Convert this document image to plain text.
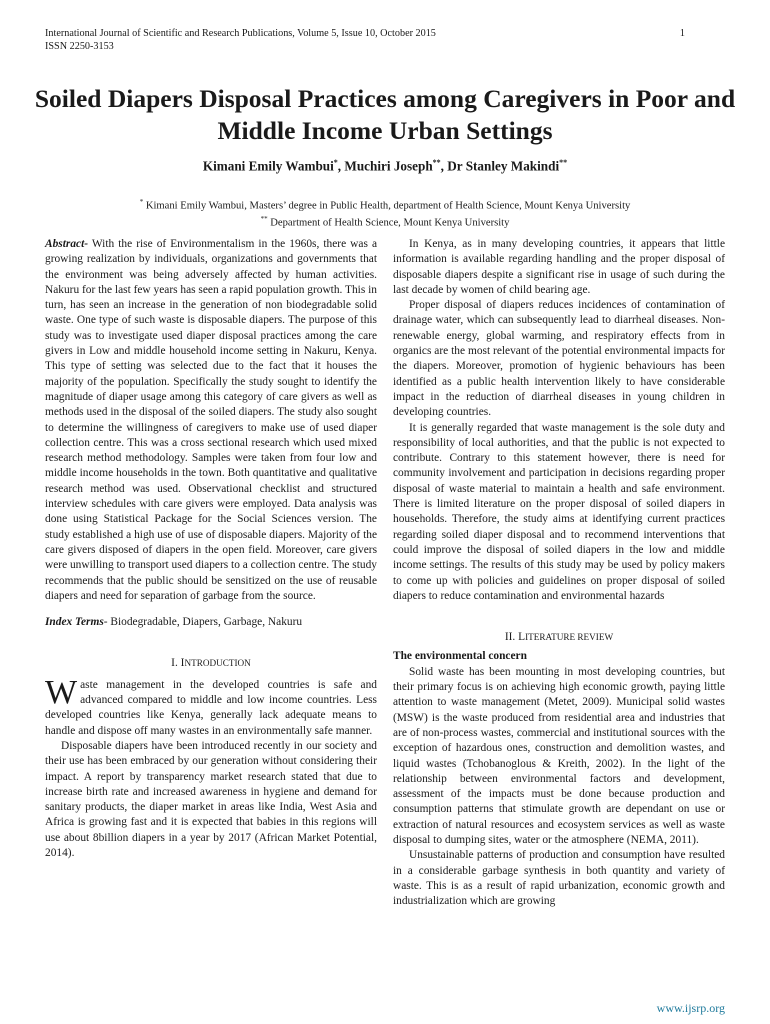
International Journal of Scientific and Research Publications, Volume 5, Issue 10, October 2015
ISSN 2250-3153
1
Soiled Diapers Disposal Practices among Caregivers in Poor and Middle Income Urban Settings
Kimani Emily Wambui*, Muchiri Joseph**, Dr Stanley Makindi**
* Kimani Emily Wambui, Masters’ degree in Public Health, department of Health Science, Mount Kenya University
** Department of Health Science, Mount Kenya University

Abstract- With the rise of Environmentalism in the 1960s, there was a growing realization by individuals, organizations and governments that the environment was being adversely affected by human activities. Nakuru for the last few years has seen a rapid population growth. This in turn, has seen an increase in the generation of non biodegradable solid waste. One type of such waste is disposable diapers. The purpose of this study was to investigate used diaper disposal practices among the care givers in Low and middle household income setting in Nakuru, Kenya. This type of setting was selected due to the fact that it houses the majority of the population. Specifically the study sought to identify the magnitude of diaper usage among this category of care givers as well as methods used in the disposal of the soiled diapers. The study also sought to determine the willingness of caregivers to make use of used diaper collection centre. This was a cross sectional research which used mixed research method methodology. Samples were taken from four low and middle income households in the town. Both quantitative and qualitative research method was used. Observational checklist and structured interview schedules with care givers were employed. Data analysis was done using Statistical Package for the Social Sciences version. The study established a high use of use of disposable diapers. Majority of the care givers disposed of diapers in the open field. Moreover, care givers were unwilling to transport used diapers to a collection centre. The study recommends that the public should be sensitized on the use of reusable diapers and need for separation of garbage from the source.

Index Terms- Biodegradable, Diapers, Garbage, Nakuru

I. INTRODUCTION

Waste management in the developed countries is safe and advanced compared to middle and low income countries. Less developed countries like Kenya, generally lack adequate means to handle and dispose off many wastes in an environmentally safe manner.

Disposable diapers have been introduced recently in our society and their use has been embraced by our generation without considering their impact. A report by transparency market research stated that due to increase birth rate and increased awareness in hygiene and demand for sanitary products, the diaper market in areas like India, West Asia and Africa is growing fast and it is expected that babies in this regions will use about 8billion diapers in a year by 2017 (African Market Potential, 2014).

In Kenya, as in many developing countries, it appears that little information is available regarding handling and the proper disposal of disposable diapers despite a significant rise in usage of such during the last decade by women of child bearing age.

Proper disposal of diapers reduces incidences of contamination of drainage water, which can subsequently lead to diarrheal diseases. Non-renewable energy, global warming, and respiratory effects from in organics are the most relevant of the potential environmental impacts for the diapers. Moreover, promotion of hygienic behaviours has been identified as a public health intervention likely to have considerable impact in the reduction of diarrheal diseases in young children in developing countries.

It is generally regarded that waste management is the sole duty and responsibility of local authorities, and that the public is not expected to contribute. Contrary to this statement however, there is need for community involvement and participation in decisions regarding proper disposal of waste material to maintain a health and safe environment. There is limited literature on the proper disposal of soiled diapers in households. Therefore, the study aims at identifying current practices regarding soiled diaper disposal and to recommend interventions that could improve the disposal of soiled diapers in the low and middle income settings. The results of this study may be used by policy makers to come up with policies and guidelines on proper disposal of soiled diapers to reduce contamination and environmental hazards

II. LITERATURE REVIEW

The environmental concern

Solid waste has been mounting in most developing countries, but their primary focus is on achieving high economic growth, paying little attention to waste management (Metet, 2009). Municipal solid wastes (MSW) is the waste produced from residential area and industries that are of non-process wastes, commercial and institutional sources with the exception of hazardous ones, construction and demolition wastes, and liquid wastes (Tchobanoglous & Kreith, 2002). In the light of the relationship between environmental factors and development, assessment of the impacts must be done because production and consumption patterns that stimulate growth are dependant on use or extraction of natural resources and ecosystem services as well as waste disposal to dumping sites, water or the atmosphere (NEMA, 2011).

Unsustainable patterns of production and consumption have resulted in a considerable garbage synthesis in both quantity and variety of waste. This is as a result of rapid urbanization, economic growth and industrialization which are growing

www.ijsrp.org
